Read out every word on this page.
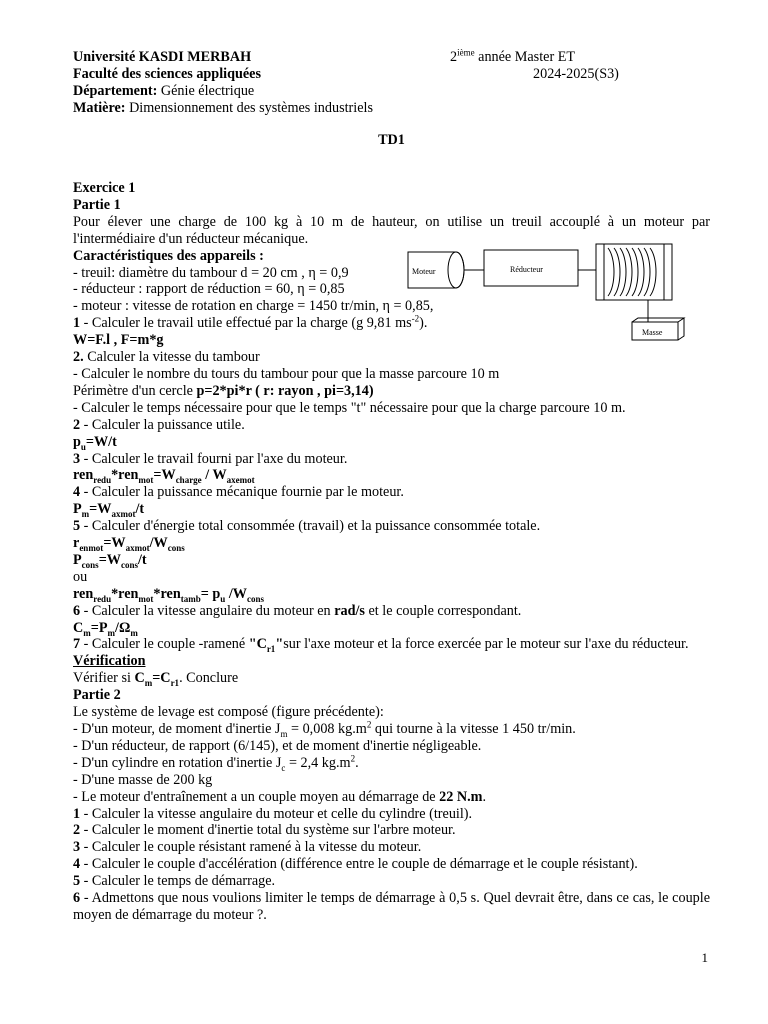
Université KASDI MERBAH
Faculté des sciences appliquées
Département: Génie électrique
Matière: Dimensionnement des systèmes industriels
2ième année Master ET
2024-2025(S3)
TD1
Exercice 1
Partie 1
Pour élever une charge de 100 kg à 10 m de hauteur, on utilise un treuil accouplé à un moteur par l'intermédiaire d'un réducteur mécanique.
Caractéristiques des appareils :
- treuil: diamètre du tambour d = 20 cm , η = 0,9
- réducteur : rapport de réduction = 60, η = 0,85
- moteur : vitesse de rotation en charge = 1450 tr/min, η = 0,85,
1 - Calculer le travail utile effectué par la charge (g 9,81 $ms^{-2}$).
W=F.l , F=m*g
2. Calculer la vitesse du tambour
- Calculer le nombre du tours du tambour pour que la masse parcoure 10 m
Périmètre d'un cercle p=2*pi*r ( r: rayon , pi=3,14)
- Calculer le temps nécessaire pour que le temps "t" nécessaire pour que la charge parcoure 10 m.
2 - Calculer la puissance utile.
$p_u=W/t$
3 - Calculer le travail fourni par l'axe du moteur.
$ren_{redu}*ren_{mot}=W_{charge} / W_{axemot}$
4 - Calculer la puissance mécanique fournie par le moteur.
$P_m=W_{axmot}/t$
5 - Calculer d'énergie total consommée (travail) et la puissance consommée totale.
$r_{enmot}=W_{axmot}/W_{cons}$
$P_{cons}=W_{cons}/t$
ou
$ren_{redu}*ren_{mot}*ren_{tamb}= p_u$ $/W_{cons}$
6 - Calculer la vitesse angulaire du moteur en rad/s et le couple correspondant.
$C_m=P_m/\Omega_m$
7 - Calculer le couple -ramené "$C_{r1}"sur$ l'axe moteur et la force exercée par le moteur sur l'axe du réducteur.
Vérification
Vérifier si $C_m=C_{r1}$. Conclure
Partie 2
Le système de levage est composé (figure précédente):
- D'un moteur, de moment d'inertie $J_m = 0,008$ $kg.m^2$ qui tourne à la vitesse 1 450 tr/min.
- D'un réducteur, de rapport (6/145), et de moment d'inertie négligeable.
- D'un cylindre en rotation d'inertie $J_c = 2,4$ $kg.m^2$.
- D'une masse de 200 kg
- Le moteur d'entraînement a un couple moyen au démarrage de 22 N.m.
1 - Calculer la vitesse angulaire du moteur et celle du cylindre (treuil).
2 - Calculer le moment d'inertie total du système sur l'arbre moteur.
3 - Calculer le couple résistant ramené à la vitesse du moteur.
4 - Calculer le couple d'accélération (différence entre le couple de démarrage et le couple résistant).
5 - Calculer le temps de démarrage.
6 - Admettons que nous voulions limiter le temps de démarrage à 0,5 s. Quel devrait être, dans ce cas, le couple moyen de démarrage du moteur ?.
Moteur	Réducteur
Masse
1
